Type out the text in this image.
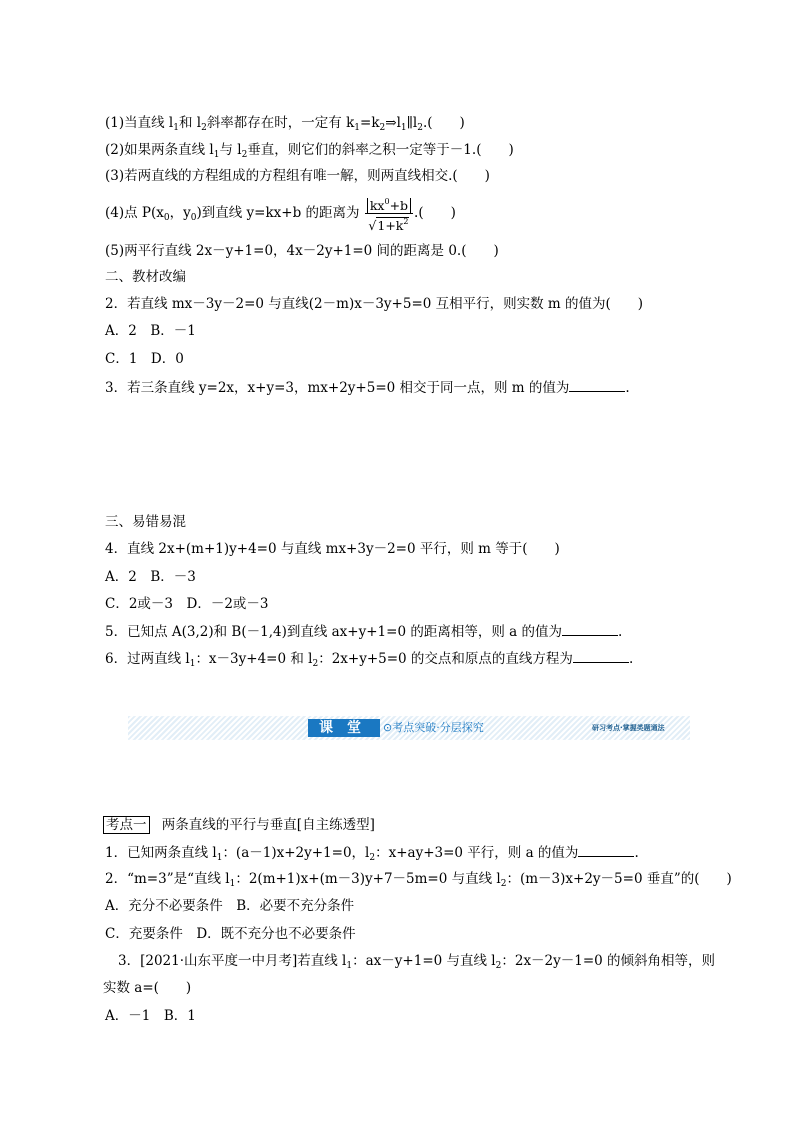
(1)当直线 $l_1$和 $l_2$斜率都存在时，一定有 $k_1=k_2\Rightarrow l_1\parallel l_2$.(　　)
(2)如果两条直线 $l_1$与 $l_2$垂直，则它们的斜率之积一定等于－1.(　　)
(3)若两直线的方程组成的方程组有唯一解，则两直线相交.(　　)
(4)点 $P(x_0$，$y_0$)到直线 y=kx+b 的距离为 $\frac{kx^0+b}{√1+k^2}$ .(　　)
(5)两平行直线 2x－y+1=0，4x－2y+1=0 间的距离是 0.(　　)
二、教材改编
2．若直线 mx－3y－2=0 与直线(2－m)x－3y+5=0 互相平行，则实数 m 的值为(　　)
A．2　B．－1
C．1　D．0
3．若三条直线 y=2x，x+y=3，mx+2y+5=0 相交于同一点，则 m 的值为	.
三、易错易混
4．直线 2x+(m+1)y+4=0 与直线 mx+3y－2=0 平行，则 m 等于(　　)
A．2　B．－3
C．2或－3　D．－2或－3
5．已知点 A(3,2)和 B(－1,4)到直线 ax+y+1=0 的距离相等，则 a 的值为	.
6．过两直线 $l_1$：x－3y+4=0 和 $l_2$：2x+y+5=0 的交点和原点的直线方程为	.
课堂 ⊙考点突破·分层探究	研习考点·掌握类题通法
考点一 两条直线的平行与垂直[自主练透型]
1．已知两条直线 $l_1$：(a－1)x+2y+1=0，$l_2$：x+ay+3=0 平行，则 a 的值为	.
2．“m=3”是“直线 $l_1$：2(m+1)x+(m－3)y+7－5m=0 与直线 $l_2$：(m－3)x+2y－5=0 垂直”的(　　)
A．充分不必要条件　B．必要不充分条件
C．充要条件　D．既不充分也不必要条件
3．[2021·山东平度一中月考]若直线 $l_1$：ax－y+1=0 与直线 $l_2$：2x－2y－1=0 的倾斜角相等，则
实数 a=(　　)
A．－1　B．1
